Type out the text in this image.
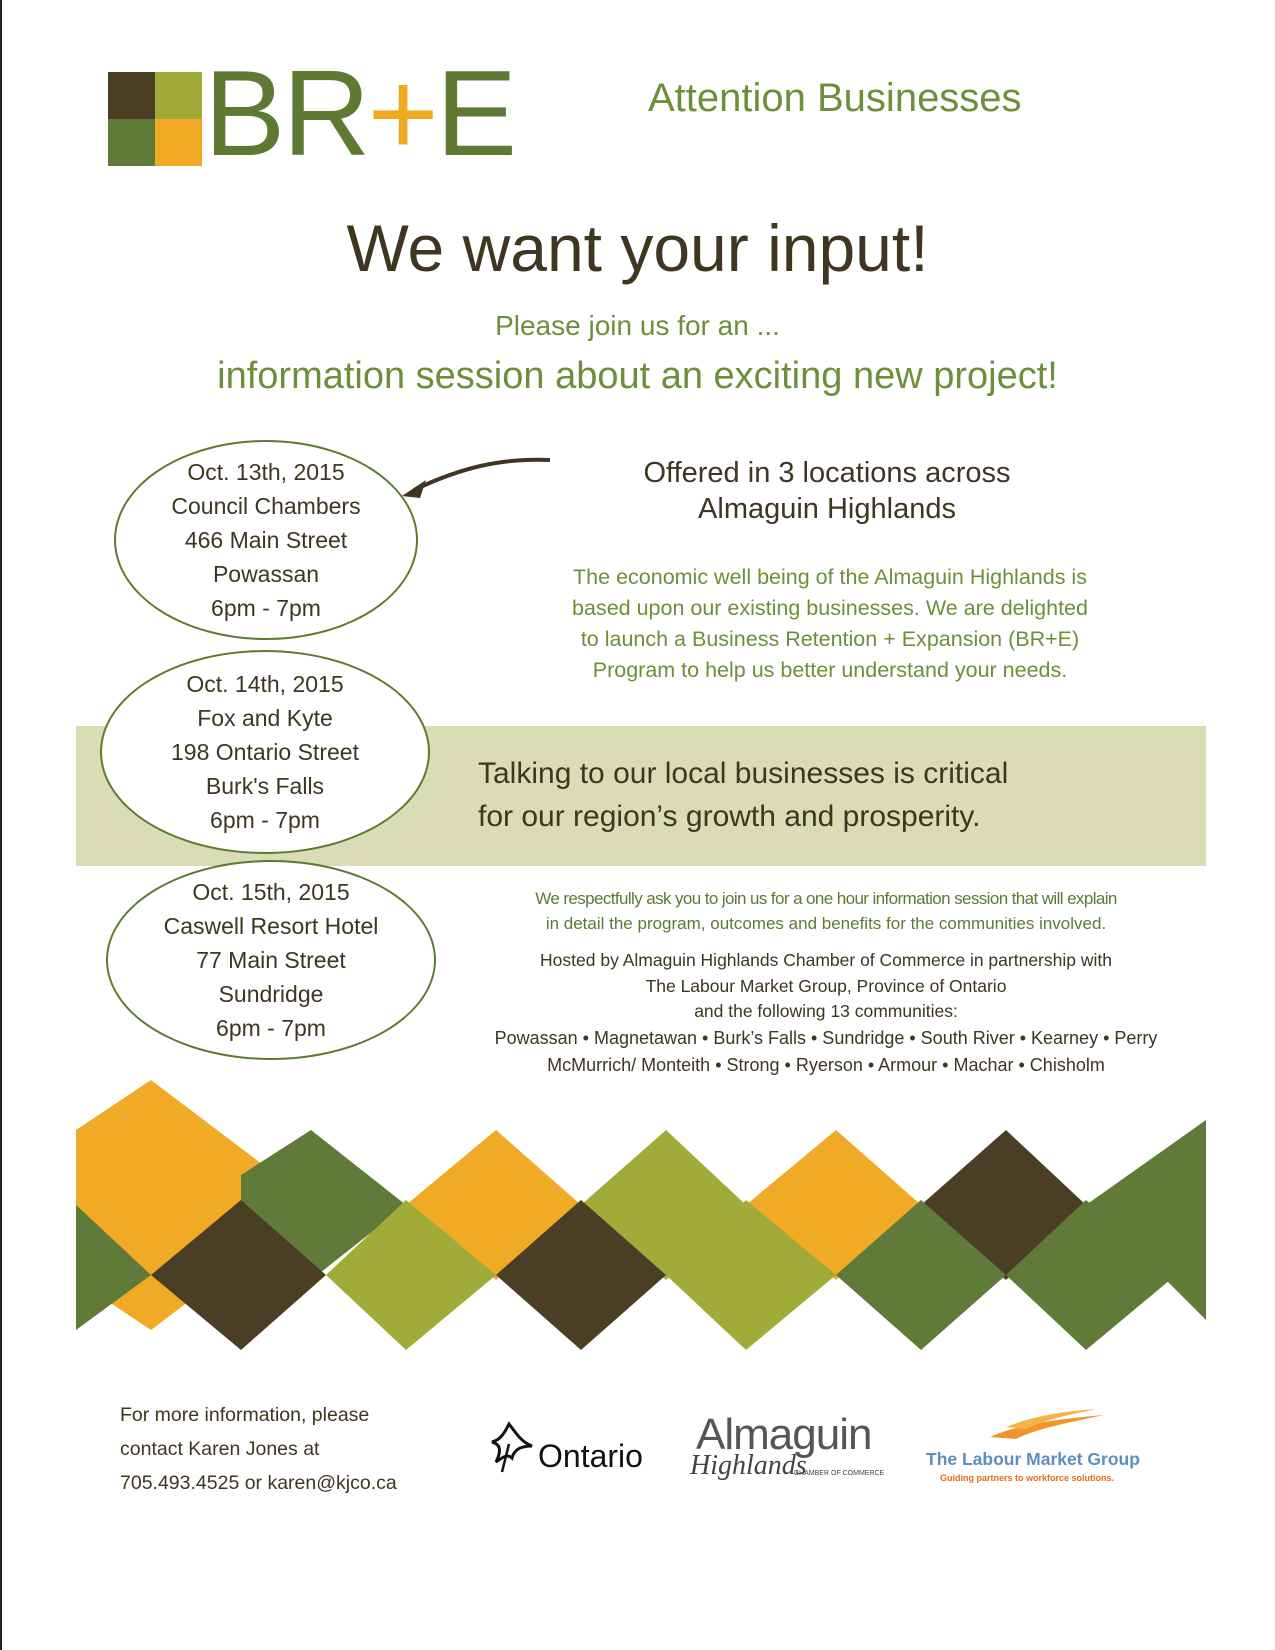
BR+E	Attention Businesses
We want your input!
Please join us for an ...
information session about an exciting new project!
Oct. 13th, 2015
Council Chambers
466 Main Street
Powassan
6pm - 7pm
Oct. 14th, 2015
Fox and Kyte
198 Ontario Street
Burk's Falls
6pm - 7pm
Oct. 15th, 2015
Caswell Resort Hotel
77 Main Street
Sundridge
6pm - 7pm
Offered in 3 locations across
Almaguin Highlands
The economic well being of the Almaguin Highlands is
based upon our existing businesses. We are delighted
to launch a Business Retention + Expansion (BR+E)
Program to help us better understand your needs.
Talking to our local businesses is critical
for our region’s growth and prosperity.
We respectfully ask you to join us for a one hour information session that will explain
in detail the program, outcomes and benefits for the communities involved.
Hosted by Almaguin Highlands Chamber of Commerce in partnership with
The Labour Market Group, Province of Ontario
and the following 13 communities:
Powassan • Magnetawan • Burk’s Falls • Sundridge • South River • Kearney • Perry
McMurrich/ Monteith • Strong • Ryerson • Armour • Machar • Chisholm
For more information, please
contact Karen Jones at
705.493.4525 or karen@kjco.ca
Ontario Almaguin
Highlands
CHAMBER OF COMMERCE
The Labour Market Group
Guiding partners to workforce solutions.
